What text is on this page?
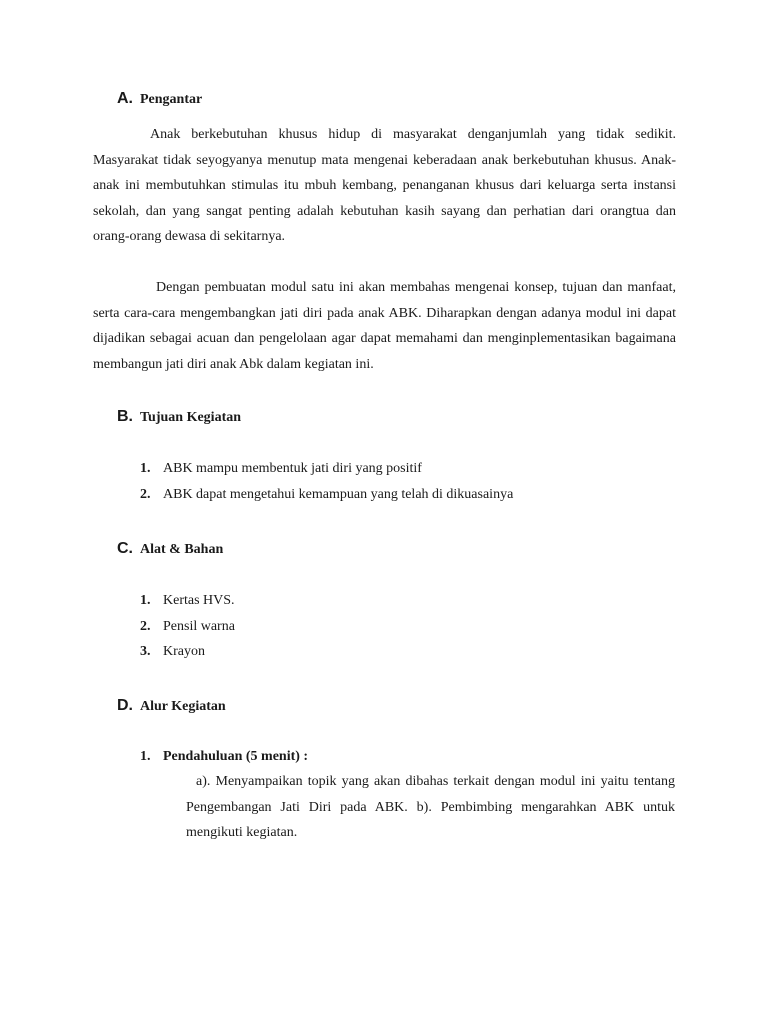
A. Pengantar

Anak berkebutuhan khusus hidup di masyarakat denganjumlah yang tidak sedikit. Masyarakat tidak seyogyanya menutup mata mengenai keberadaan anak berkebutuhan khusus. Anak-anak ini membutuhkan stimulas itu mbuh kembang, penanganan khusus dari keluarga serta instansi sekolah, dan yang sangat penting adalah kebutuhan kasih sayang dan perhatian dari orangtua dan orang-orang dewasa di sekitarnya.

Dengan pembuatan modul satu ini akan membahas mengenai konsep, tujuan dan manfaat, serta cara-cara mengembangkan jati diri pada anak ABK. Diharapkan dengan adanya modul ini dapat dijadikan sebagai acuan dan pengelolaan agar dapat memahami dan menginplementasikan bagaimana membangun jati diri anak Abk dalam kegiatan ini.

B. Tujuan Kegiatan
1. ABK mampu membentuk jati diri yang positif
2. ABK dapat mengetahui kemampuan yang telah di dikuasainya
C. Alat & Bahan
1. Kertas HVS.
2. Pensil warna
3. Krayon
D. Alur Kegiatan
1. Pendahuluan (5 menit) :

a). Menyampaikan topik yang akan dibahas terkait dengan modul ini yaitu tentang Pengembangan Jati Diri pada ABK. b). Pembimbing mengarahkan ABK untuk mengikuti kegiatan.
